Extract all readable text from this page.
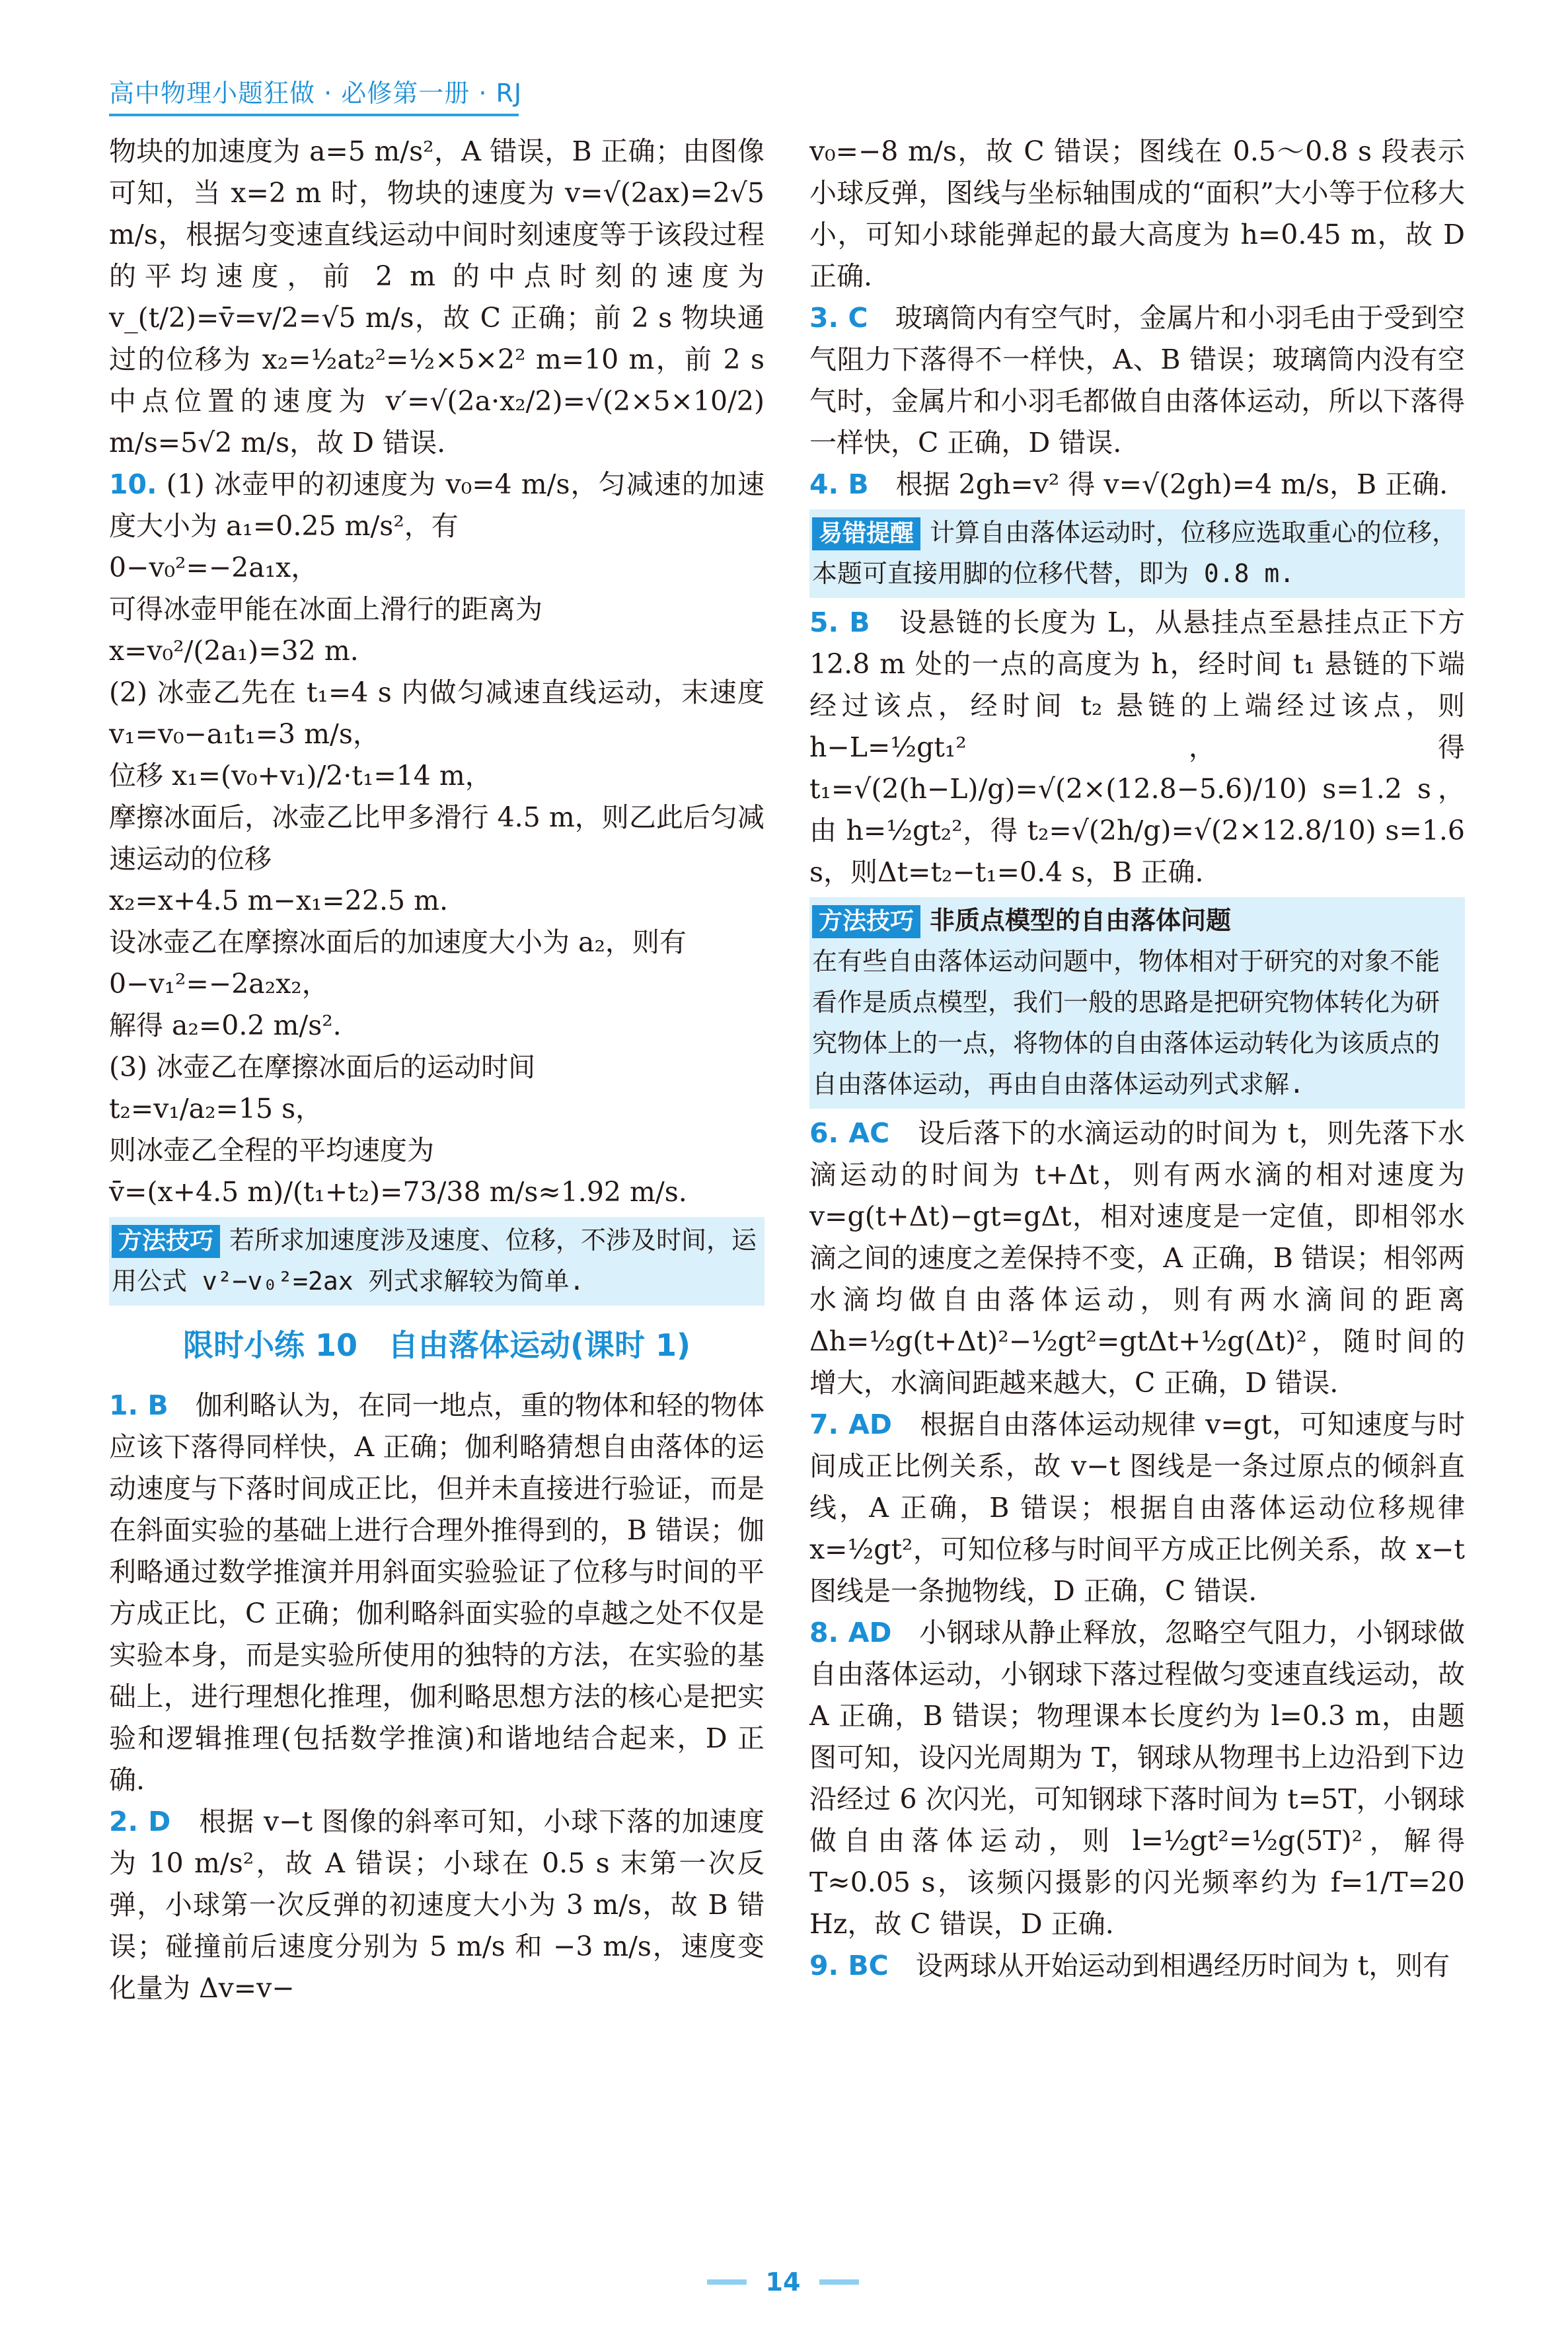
高中物理小题狂做 · 必修第一册 · RJ

物块的加速度为 a=5 m/s²，A 错误，B 正确；由图像可知，当 x=2 m 时，物块的速度为 v=√(2ax)=2√5 m/s，根据匀变速直线运动中间时刻速度等于该段过程的平均速度，前 2 m 的中点时刻的速度为 v_(t/2)=v̄=v/2=√5 m/s，故 C 正确；前 2 s 物块通过的位移为 x₂=½at₂²=½×5×2² m=10 m，前 2 s 中点位置的速度为 v′=√(2a·x₂/2)=√(2×5×10/2) m/s=5√2 m/s，故 D 错误.

10. (1) 冰壶甲的初速度为 v₀=4 m/s，匀减速的加速度大小为 a₁=0.25 m/s²，有

0−v₀²=−2a₁x，

可得冰壶甲能在冰面上滑行的距离为

x=v₀²/(2a₁)=32 m.

(2) 冰壶乙先在 t₁=4 s 内做匀减速直线运动，末速度 v₁=v₀−a₁t₁=3 m/s，

位移 x₁=(v₀+v₁)/2·t₁=14 m，

摩擦冰面后，冰壶乙比甲多滑行 4.5 m，则乙此后匀减速运动的位移

x₂=x+4.5 m−x₁=22.5 m.

设冰壶乙在摩擦冰面后的加速度大小为 a₂，则有

0−v₁²=−2a₂x₂，

解得 a₂=0.2 m/s².

(3) 冰壶乙在摩擦冰面后的运动时间

t₂=v₁/a₂=15 s，

则冰壶乙全程的平均速度为

v̄=(x+4.5 m)/(t₁+t₂)=73/38 m/s≈1.92 m/s.

方法技巧 若所求加速度涉及速度、位移，不涉及时间，运用公式 v²−v₀²=2ax 列式求解较为简单.
限时小练 10　自由落体运动(课时 1)

1. B　 伽利略认为，在同一地点，重的物体和轻的物体应该下落得同样快，A 正确；伽利略猜想自由落体的运动速度与下落时间成正比，但并未直接进行验证，而是在斜面实验的基础上进行合理外推得到的，B 错误；伽利略通过数学推演并用斜面实验验证了位移与时间的平方成正比，C 正确；伽利略斜面实验的卓越之处不仅是实验本身，而是实验所使用的独特的方法，在实验的基础上，进行理想化推理，伽利略思想方法的核心是把实验和逻辑推理(包括数学推演)和谐地结合起来，D 正确.

2. D　 根据 v−t 图像的斜率可知，小球下落的加速度为 10 m/s²，故 A 错误；小球在 0.5 s 末第一次反弹，小球第一次反弹的初速度大小为 3 m/s，故 B 错误；碰撞前后速度分别为 5 m/s 和 −3 m/s，速度变化量为 Δv=v−

v₀=−8 m/s，故 C 错误；图线在 0.5～0.8 s 段表示小球反弹，图线与坐标轴围成的“面积”大小等于位移大小，可知小球能弹起的最大高度为 h=0.45 m，故 D 正确.

3. C　 玻璃筒内有空气时，金属片和小羽毛由于受到空气阻力下落得不一样快，A、B 错误；玻璃筒内没有空气时，金属片和小羽毛都做自由落体运动，所以下落得一样快，C 正确，D 错误.

4. B　 根据 2gh=v² 得 v=√(2gh)=4 m/s，B 正确.

易错提醒 计算自由落体运动时，位移应选取重心的位移，本题可直接用脚的位移代替，即为 0.8 m.

5. B　 设悬链的长度为 L，从悬挂点至悬挂点正下方 12.8 m 处的一点的高度为 h，经时间 t₁ 悬链的下端经过该点，经时间 t₂ 悬链的上端经过该点，则 h−L=½gt₁²，得 t₁=√(2(h−L)/g)=√(2×(12.8−5.6)/10) s=1.2 s，由 h=½gt₂²，得 t₂=√(2h/g)=√(2×12.8/10) s=1.6 s，则Δt=t₂−t₁=0.4 s，B 正确.

方法技巧 非质点模型的自由落体问题
在有些自由落体运动问题中，物体相对于研究的对象不能看作是质点模型，我们一般的思路是把研究物体转化为研究物体上的一点，将物体的自由落体运动转化为该质点的自由落体运动，再由自由落体运动列式求解.

6. AC　 设后落下的水滴运动的时间为 t，则先落下水滴运动的时间为 t+Δt，则有两水滴的相对速度为 v=g(t+Δt)−gt=gΔt，相对速度是一定值，即相邻水滴之间的速度之差保持不变，A 正确，B 错误；相邻两水滴均做自由落体运动，则有两水滴间的距离 Δh=½g(t+Δt)²−½gt²=gtΔt+½g(Δt)²，随时间的增大，水滴间距越来越大，C 正确，D 错误.

7. AD　 根据自由落体运动规律 v=gt，可知速度与时间成正比例关系，故 v−t 图线是一条过原点的倾斜直线，A 正确，B 错误；根据自由落体运动位移规律 x=½gt²，可知位移与时间平方成正比例关系，故 x−t 图线是一条抛物线，D 正确，C 错误.

8. AD　 小钢球从静止释放，忽略空气阻力，小钢球做自由落体运动，小钢球下落过程做匀变速直线运动，故 A 正确，B 错误；物理课本长度约为 l=0.3 m，由题图可知，设闪光周期为 T，钢球从物理书上边沿到下边沿经过 6 次闪光，可知钢球下落时间为 t=5T，小钢球做自由落体运动，则 l=½gt²=½g(5T)²，解得 T≈0.05 s，该频闪摄影的闪光频率约为 f=1/T=20 Hz，故 C 错误，D 正确.

9. BC　 设两球从开始运动到相遇经历时间为 t，则有

14
